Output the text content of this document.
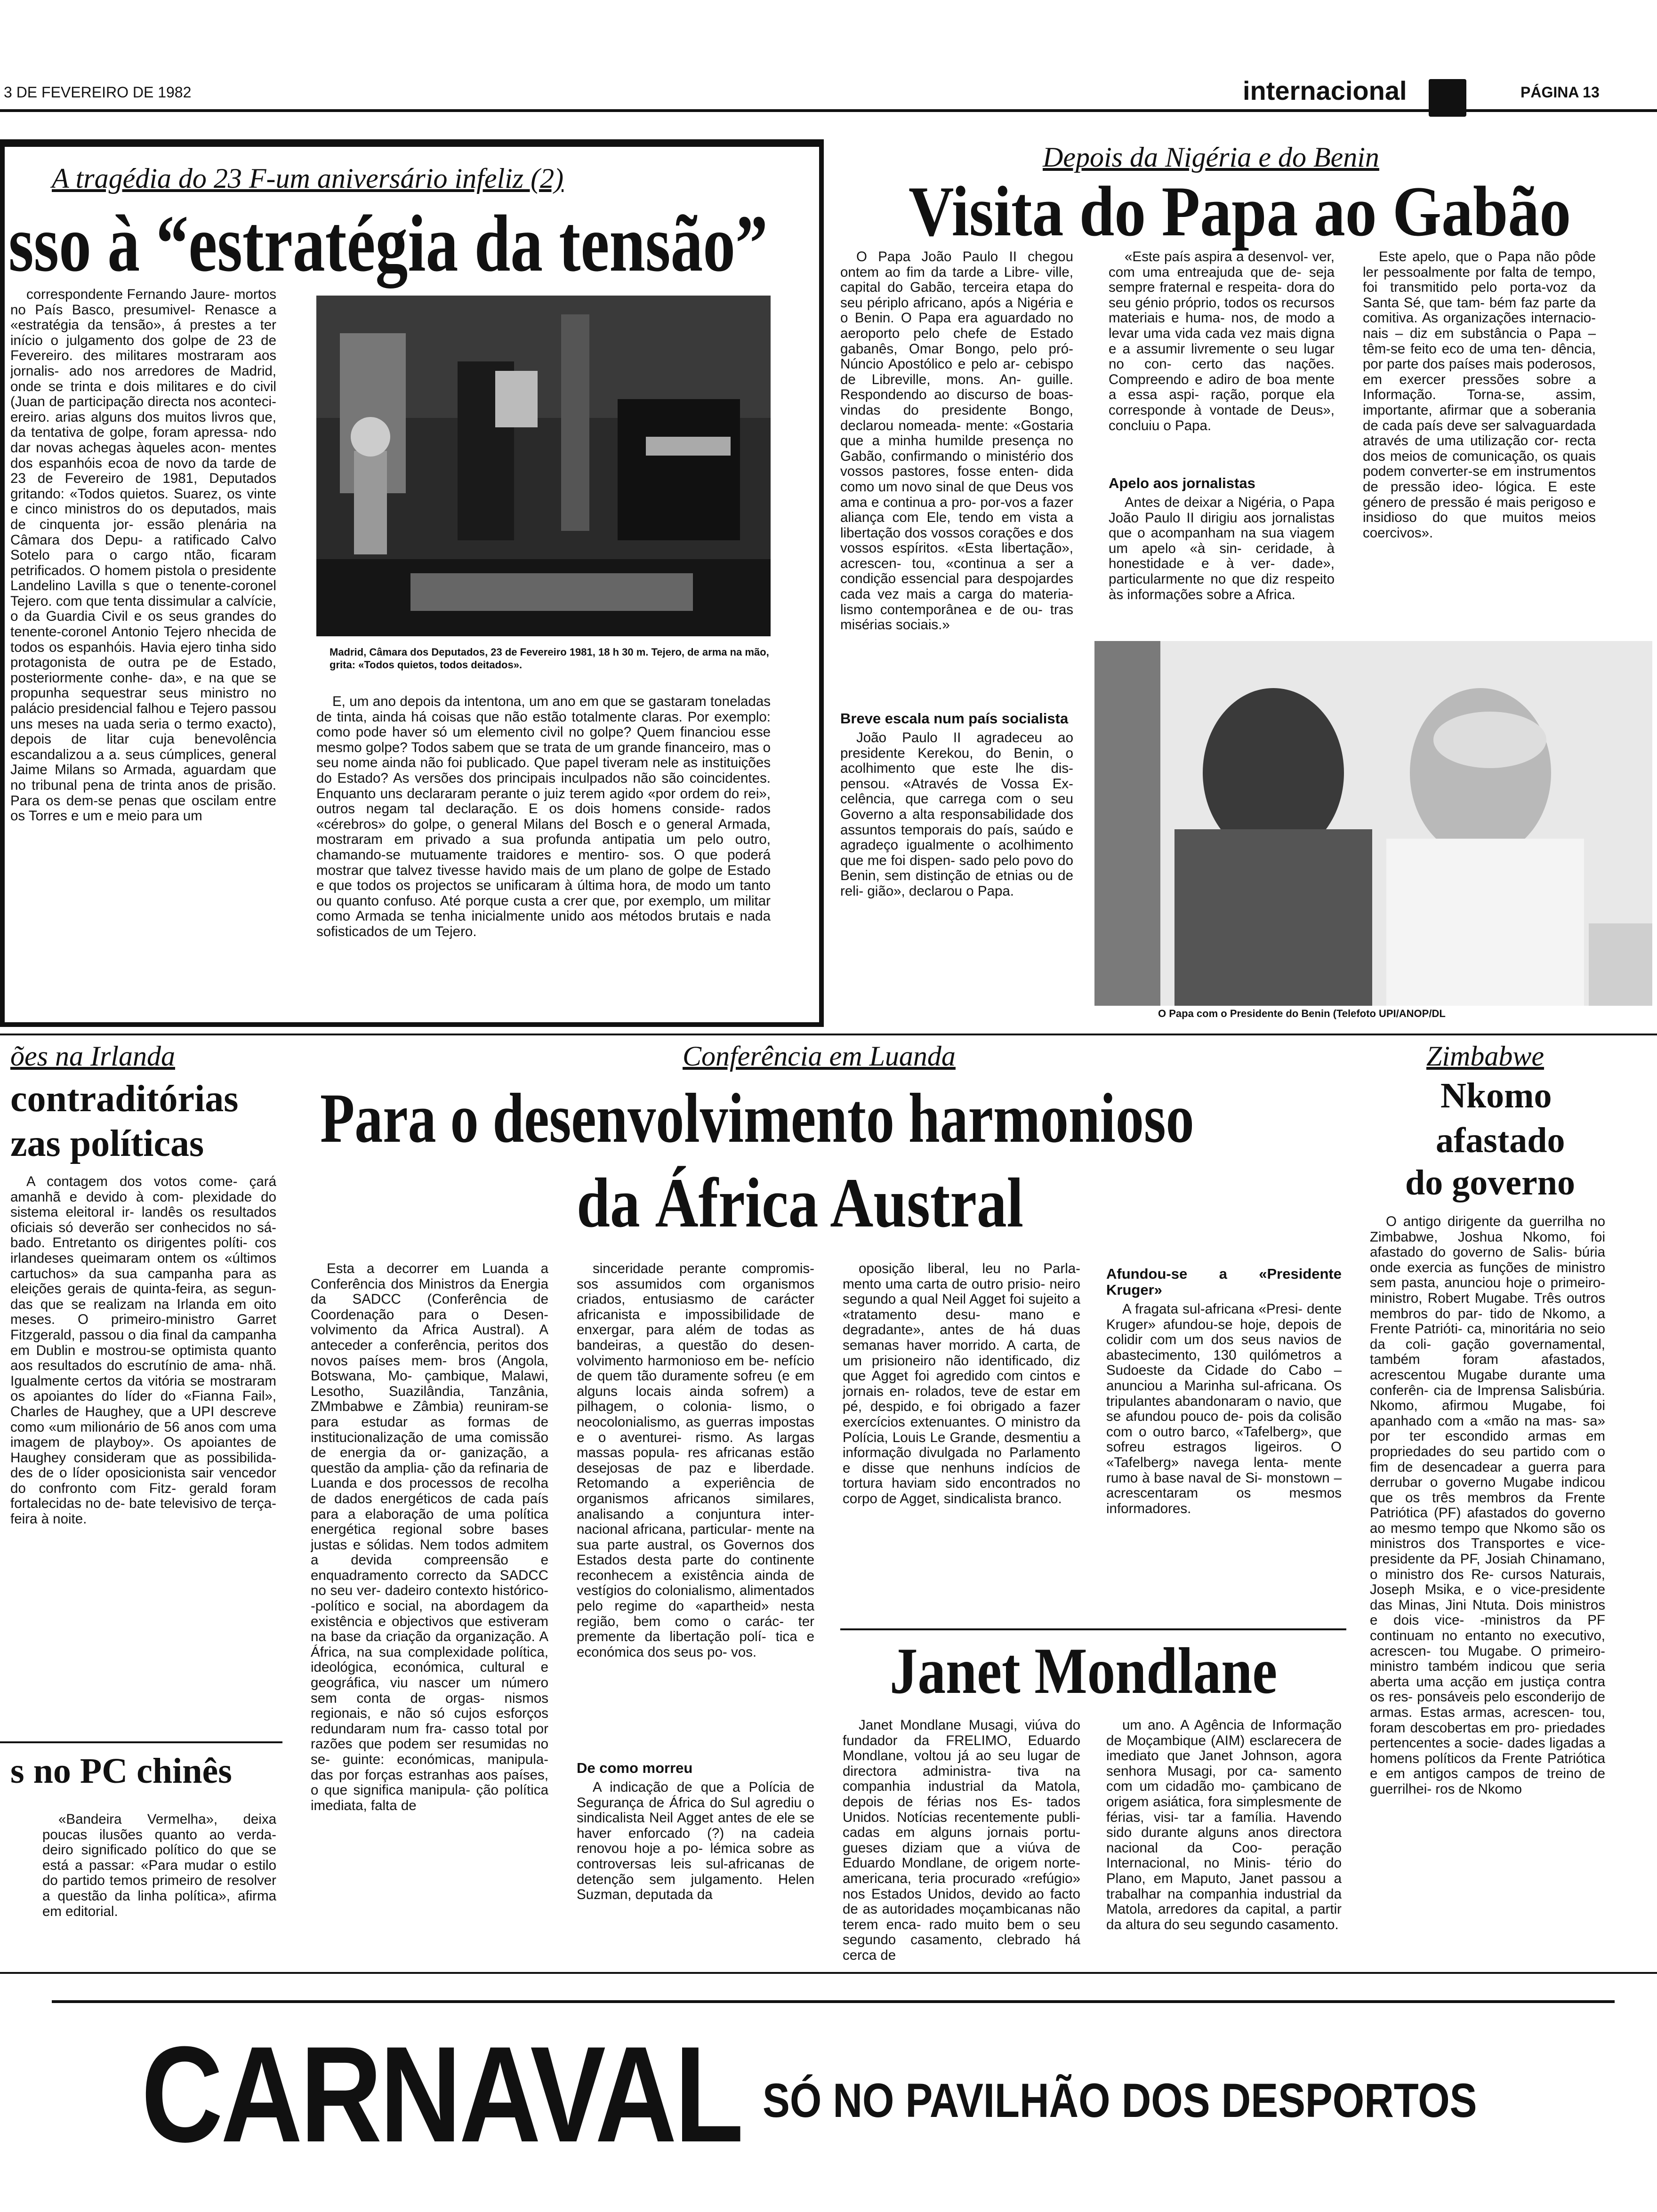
3 DE FEVEREIRO DE 1982	internacional	PÁGINA 13
A tragédia do 23 F-um aniversário infeliz (2)
sso à “estratégia da tensão”

correspondente Fernando Jaure- mortos no País Basco, presumivel- Renasce a «estratégia da tensão», á prestes a ter início o julgamento dos golpe de 23 de Fevereiro. des militares mostraram aos jornalis- ado nos arredores de Madrid, onde se trinta e dois militares e do civil (Juan de participação directa nos aconteci- ereiro. arias alguns dos muitos livros que, da tentativa de golpe, foram apressa- ndo dar novas achegas àqueles acon- mentes dos espanhóis ecoa de novo da tarde de 23 de Fevereiro de 1981, Deputados gritando: «Todos quietos. Suarez, os vinte e cinco ministros do os deputados, mais de cinquenta jor- essão plenária na Câmara dos Depu- a ratificado Calvo Sotelo para o cargo ntão, ficaram petrificados. O homem pistola o presidente Landelino Lavilla s que o tenente-coronel Tejero. com que tenta dissimular a calvície, o da Guardia Civil e os seus grandes do tenente-coronel Antonio Tejero nhecida de todos os espanhóis. Havia ejero tinha sido protagonista de outra pe de Estado, posteriormente conhe- da», e na que se propunha sequestrar seus ministro no palácio presidencial falhou e Tejero passou uns meses na uada seria o termo exacto), depois de litar cuja benevolência escandalizou a a. seus cúmplices, general Jaime Milans so Armada, aguardam que no tribunal pena de trinta anos de prisão. Para os dem-se penas que oscilam entre os Torres e um e meio para um

Madrid, Câmara dos Deputados, 23 de Fevereiro 1981, 18 h 30 m. Tejero, de arma na mão, grita: «Todos quietos, todos deitados».

E, um ano depois da intentona, um ano em que se gastaram toneladas de tinta, ainda há coisas que não estão totalmente claras. Por exemplo: como pode haver só um elemento civil no golpe? Quem financiou esse mesmo golpe? Todos sabem que se trata de um grande financeiro, mas o seu nome ainda não foi publicado. Que papel tiveram nele as instituições do Estado? As versões dos principais inculpados não são coincidentes. Enquanto uns declararam perante o juiz terem agido «por ordem do rei», outros negam tal declaração. E os dois homens conside- rados «cérebros» do golpe, o general Milans del Bosch e o general Armada, mostraram em privado a sua profunda antipatia um pelo outro, chamando-se mutuamente traidores e mentiro- sos. O que poderá mostrar que talvez tivesse havido mais de um plano de golpe de Estado e que todos os projectos se unificaram à última hora, de modo um tanto ou quanto confuso. Até porque custa a crer que, por exemplo, um militar como Armada se tenha inicialmente unido aos métodos brutais e nada sofisticados de um Tejero.

Depois da Nigéria e do Benin
Visita do Papa ao Gabão

O Papa João Paulo II chegou ontem ao fim da tarde a Libre- ville, capital do Gabão, terceira etapa do seu périplo africano, após a Nigéria e o Benin. O Papa era aguardado no aeroporto pelo chefe de Estado gabanês, Omar Bongo, pelo pró-Núncio Apostólico e pelo ar- cebispo de Libreville, mons. An- guille. Respondendo ao discurso de boas-vindas do presidente Bongo, declarou nomeada- mente: «Gostaria que a minha humilde presença no Gabão, confirmando o ministério dos vossos pastores, fosse enten- dida como um novo sinal de que Deus vos ama e continua a pro- por-vos a fazer aliança com Ele, tendo em vista a libertação dos vossos corações e dos vossos espíritos. «Esta libertação», acrescen- tou, «continua a ser a condição essencial para despojardes cada vez mais a carga do materia- lismo contemporânea e de ou- tras misérias sociais.»

Breve escala num país socialista

João Paulo II agradeceu ao presidente Kerekou, do Benin, o acolhimento que este lhe dis- pensou. «Através de Vossa Ex- celência, que carrega com o seu Governo a alta responsabilidade dos assuntos temporais do país, saúdo e agradeço igualmente o acolhimento que me foi dispen- sado pelo povo do Benin, sem distinção de etnias ou de reli- gião», declarou o Papa.

«Este país aspira a desenvol- ver, com uma entreajuda que de- seja sempre fraternal e respeita- dora do seu génio próprio, todos os recursos materiais e huma- nos, de modo a levar uma vida cada vez mais digna e a assumir livremente o seu lugar no con- certo das nações. Compreendo e adiro de boa mente a essa aspi- ração, porque ela corresponde à vontade de Deus», concluiu o Papa.

Apelo aos jornalistas

Antes de deixar a Nigéria, o Papa João Paulo II dirigiu aos jornalistas que o acompanham na sua viagem um apelo «à sin- ceridade, à honestidade e à ver- dade», particularmente no que diz respeito às informações sobre a Africa.

Este apelo, que o Papa não pôde ler pessoalmente por falta de tempo, foi transmitido pelo porta-voz da Santa Sé, que tam- bém faz parte da comitiva. As organizações internacio- nais – diz em substância o Papa – têm-se feito eco de uma ten- dência, por parte dos países mais poderosos, em exercer pressões sobre a Informação. Torna-se, assim, importante, afirmar que a soberania de cada país deve ser salvaguardada através de uma utilização cor- recta dos meios de comunicação, os quais podem converter-se em instrumentos de pressão ideo- lógica. E este género de pressão é mais perigoso e insidioso do que muitos meios coercivos».

O Papa com o Presidente do Benin (Telefoto UPI/ANOP/DL
ões na Irlanda
contraditórias
zas políticas

A contagem dos votos come- çará amanhã e devido à com- plexidade do sistema eleitoral ir- landês os resultados oficiais só deverão ser conhecidos no sá- bado. Entretanto os dirigentes políti- cos irlandeses queimaram ontem os «últimos cartuchos» da sua campanha para as eleições gerais de quinta-feira, as segun- das que se realizam na Irlanda em oito meses. O primeiro-ministro Garret Fitzgerald, passou o dia final da campanha em Dublin e mostrou-se optimista quanto aos resultados do escrutínio de ama- nhã. Igualmente certos da vitória se mostraram os apoiantes do líder do «Fianna Fail», Charles de Haughey, que a UPI descreve como «um milionário de 56 anos com uma imagem de playboy». Os apoiantes de Haughey consideram que as possibilida- des de o líder oposicionista sair vencedor do confronto com Fitz- gerald foram fortalecidas no de- bate televisivo de terça-feira à noite.

s no PC chinês

«Bandeira Vermelha», deixa poucas ilusões quanto ao verda- deiro significado político do que se está a passar: «Para mudar o estilo do partido temos primeiro de resolver a questão da linha política», afirma em editorial.

Conferência em Luanda
Para o desenvolvimento harmonioso
da África Austral

Esta a decorrer em Luanda a Conferência dos Ministros da Energia da SADCC (Conferência de Coordenação para o Desen- volvimento da Africa Austral). A anteceder a conferência, peritos dos novos países mem- bros (Angola, Botswana, Mo- çambique, Malawi, Lesotho, Suazilândia, Tanzânia, ZMmbabwe e Zâmbia) reuniram-se para estudar as formas de institucionalização de uma comissão de energia da or- ganização, a questão da amplia- ção da refinaria de Luanda e dos processos de recolha de dados energéticos de cada país para a elaboração de uma política energética regional sobre bases justas e sólidas. Nem todos admitem a devida compreensão e enquadramento correcto da SADCC no seu ver- dadeiro contexto histórico- -político e social, na abordagem da existência e objectivos que estiveram na base da criação da organização. A África, na sua complexidade política, ideológica, económica, cultural e geográfica, viu nascer um número sem conta de orgas- nismos regionais, e não só cujos esforços redundaram num fra- casso total por razões que podem ser resumidas no se- guinte: económicas, manipula- das por forças estranhas aos países, o que significa manipula- ção política imediata, falta de

sinceridade perante compromis- sos assumidos com organismos criados, entusiasmo de carácter africanista e impossibilidade de enxergar, para além de todas as bandeiras, a questão do desen- volvimento harmonioso em be- nefício de quem tão duramente sofreu (e em alguns locais ainda sofrem) a pilhagem, o colonia- lismo, o neocolonialismo, as guerras impostas e o aventurei- rismo. As largas massas popula- res africanas estão desejosas de paz e liberdade. Retomando a experiência de organismos africanos similares, analisando a conjuntura inter- nacional africana, particular- mente na sua parte austral, os Governos dos Estados desta parte do continente reconhecem a existência ainda de vestígios do colonialismo, alimentados pelo regime do «apartheid» nesta região, bem como o carác- ter premente da libertação polí- tica e económica dos seus po- vos.

De como morreu

A indicação de que a Polícia de Segurança de África do Sul agrediu o sindicalista Neil Agget antes de ele se haver enforcado (?) na cadeia renovou hoje a po- lémica sobre as controversas leis sul-africanas de detenção sem julgamento. Helen Suzman, deputada da

oposição liberal, leu no Parla- mento uma carta de outro prisio- neiro segundo a qual Neil Agget foi sujeito a «tratamento desu- mano e degradante», antes de há duas semanas haver morrido. A carta, de um prisioneiro não identificado, diz que Agget foi agredido com cintos e jornais en- rolados, teve de estar em pé, despido, e foi obrigado a fazer exercícios extenuantes. O ministro da Polícia, Louis Le Grande, desmentiu a informação divulgada no Parlamento e disse que nenhuns indícios de tortura haviam sido encontrados no corpo de Agget, sindicalista branco.

Afundou-se a «Presidente Kruger»

A fragata sul-africana «Presi- dente Kruger» afundou-se hoje, depois de colidir com um dos seus navios de abastecimento, 130 quilómetros a Sudoeste da Cidade do Cabo – anunciou a Marinha sul-africana. Os tripulantes abandonaram o navio, que se afundou pouco de- pois da colisão com o outro barco, «Tafelberg», que sofreu estragos ligeiros. O «Tafelberg» navega lenta- mente rumo à base naval de Si- monstown – acrescentaram os mesmos informadores.

Janet Mondlane

Janet Mondlane Musagi, viúva do fundador da FRELIMO, Eduardo Mondlane, voltou já ao seu lugar de directora administra- tiva na companhia industrial da Matola, depois de férias nos Es- tados Unidos. Notícias recentemente publi- cadas em alguns jornais portu- gueses diziam que a viúva de Eduardo Mondlane, de origem norte-americana, teria procurado «refúgio» nos Estados Unidos, devido ao facto de as autoridades moçambicanas não terem enca- rado muito bem o seu segundo casamento, clebrado há cerca de

um ano. A Agência de Informação de Moçambique (AIM) esclarecera de imediato que Janet Johnson, agora senhora Musagi, por ca- samento com um cidadão mo- çambicano de origem asiática, fora simplesmente de férias, visi- tar a família. Havendo sido durante alguns anos directora nacional da Coo- peração Internacional, no Minis- tério do Plano, em Maputo, Janet passou a trabalhar na companhia industrial da Matola, arredores da capital, a partir da altura do seu segundo casamento.

Zimbabwe
Nkomo
afastado
do governo

O antigo dirigente da guerrilha no Zimbabwe, Joshua Nkomo, foi afastado do governo de Salis- búria onde exercia as funções de ministro sem pasta, anunciou hoje o primeiro-ministro, Robert Mugabe. Três outros membros do par- tido de Nkomo, a Frente Patrióti- ca, minoritária no seio da coli- gação governamental, também foram afastados, acrescentou Mugabe durante uma conferên- cia de Imprensa Salisbúria. Nkomo, afirmou Mugabe, foi apanhado com a «mão na mas- sa» por ter escondido armas em propriedades do seu partido com o fim de desencadear a guerra para derrubar o governo Mugabe indicou que os três membros da Frente Patriótica (PF) afastados do governo ao mesmo tempo que Nkomo são os ministros dos Transportes e vice-presidente da PF, Josiah Chinamano, o ministro dos Re- cursos Naturais, Joseph Msika, e o vice-presidente das Minas, Jini Ntuta. Dois ministros e dois vice- -ministros da PF continuam no entanto no executivo, acrescen- tou Mugabe. O primeiro-ministro também indicou que seria aberta uma acção em justiça contra os res- ponsáveis pelo esconderijo de armas. Estas armas, acrescen- tou, foram descobertas em pro- priedades pertencentes a socie- dades ligadas a homens políticos da Frente Patriótica e em antigos campos de treino de guerrilhei- ros de Nkomo

CARNAVAL SÓ NO PAVILHÃO DOS DESPORTOS
